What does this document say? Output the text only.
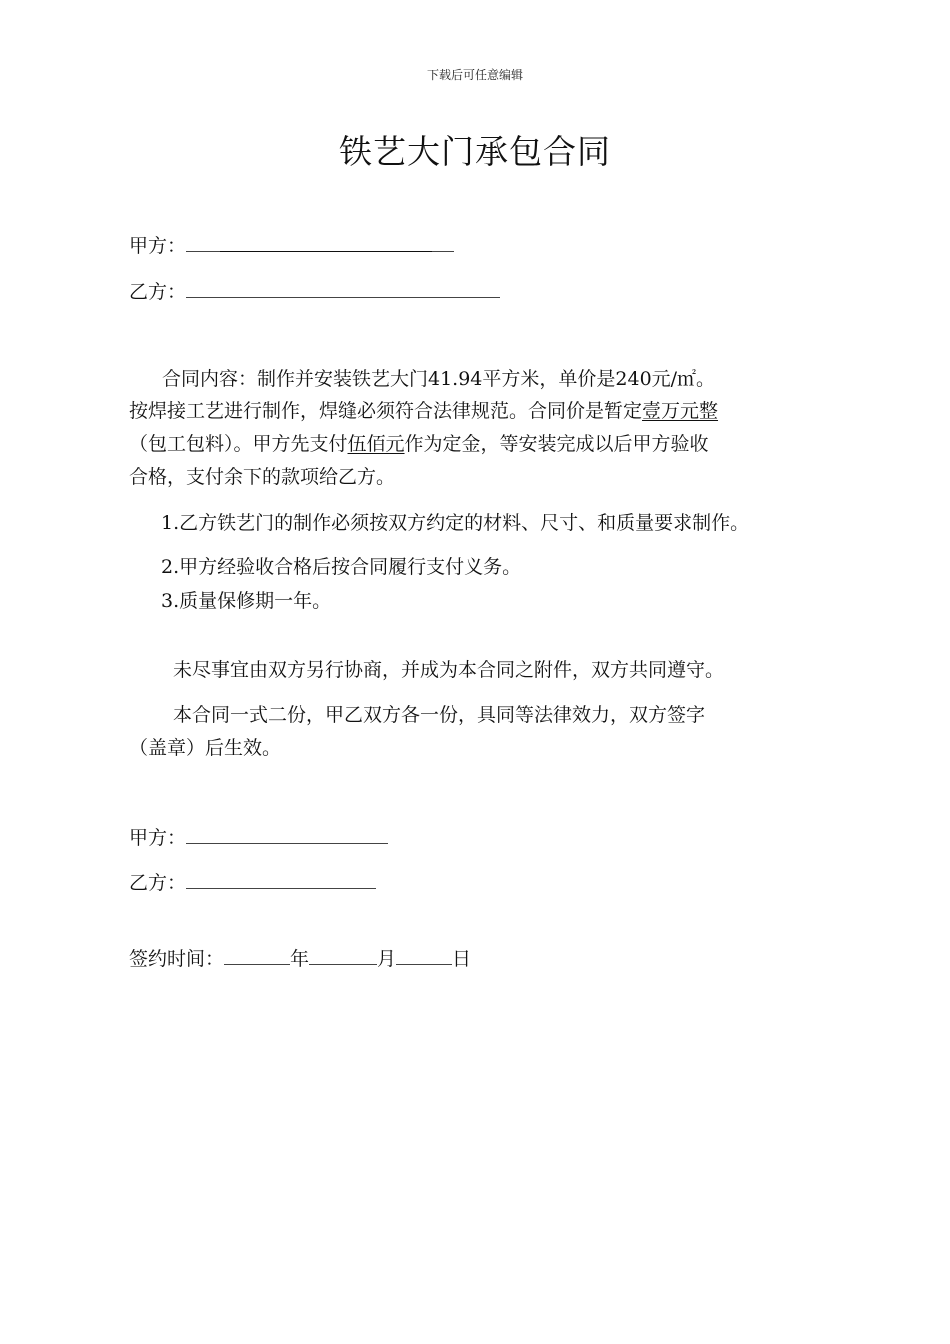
下载后可任意编辑
铁艺大门承包合同
甲方：
乙方：
合同内容：制作并安装铁艺大门41.94平方米，单价是240元/㎡。
按焊接工艺进行制作，焊缝必须符合法律规范。合同价是暂定壹万元整
（包工包料）。甲方先支付伍佰元作为定金，等安装完成以后甲方验收
合格，支付余下的款项给乙方。
1.乙方铁艺门的制作必须按双方约定的材料、尺寸、和质量要求制作。
2.甲方经验收合格后按合同履行支付义务。
3.质量保修期一年。
未尽事宜由双方另行协商，并成为本合同之附件，双方共同遵守。
本合同一式二份，甲乙双方各一份，具同等法律效力，双方签字
（盖章）后生效。
甲方：
乙方：
签约时间：	年	月	日
